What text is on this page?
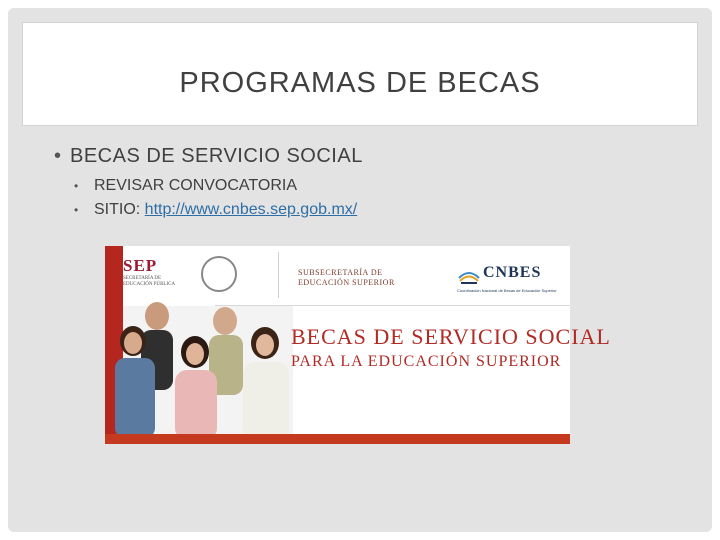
PROGRAMAS DE BECAS
• BECAS DE SERVICIO SOCIAL
• REVISAR CONVOCATORIA
• SITIO: http://www.cnbes.sep.gob.mx/
SEP
SECRETARÍA DE
EDUCACIÓN PÚBLICA
SUBSECRETARÍA DE
EDUCACIÓN SUPERIOR
CNBES
Coordinación Nacional de Becas de Educación Superior
BECAS DE SERVICIO SOCIAL
PARA LA EDUCACIÓN SUPERIOR
